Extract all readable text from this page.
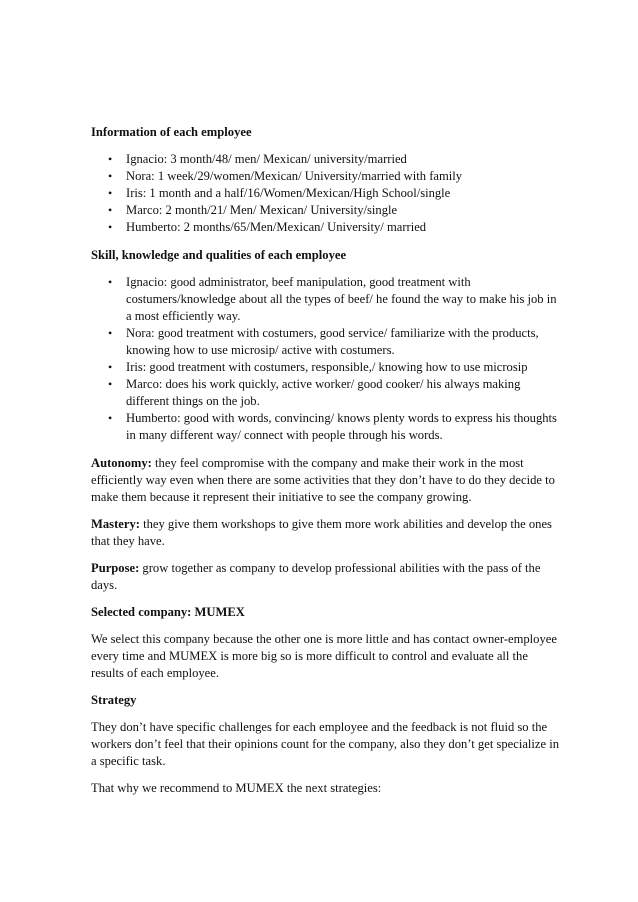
Information of each employee

• Ignacio: 3 month/48/ men/ Mexican/ university/married
• Nora: 1 week/29/women/Mexican/ University/married with family
• Iris: 1 month and a half/16/Women/Mexican/High School/single
• Marco: 2 month/21/ Men/ Mexican/ University/single
• Humberto: 2 months/65/Men/Mexican/ University/ married

Skill, knowledge and qualities of each employee

• Ignacio: good administrator, beef manipulation, good treatment with costumers/knowledge about all the types of beef/ he found the way to make his job in a most efficiently way.
• Nora: good treatment with costumers, good service/ familiarize with the products, knowing how to use microsip/ active with costumers.
• Iris: good treatment with costumers, responsible,/ knowing how to use microsip
• Marco: does his work quickly, active worker/ good cooker/ his always making different things on the job.
• Humberto: good with words, convincing/ knows plenty words to express his thoughts in many different way/ connect with people through his words.

Autonomy: they feel compromise with the company and make their work in the most efficiently way even when there are some activities that they don’t have to do they decide to make them because it represent their initiative to see the company growing.

Mastery: they give them workshops to give them more work abilities and develop the ones that they have.

Purpose: grow together as company to develop professional abilities with the pass of the days.

Selected company: MUMEX

We select this company because the other one is more little and has contact owner-employee every time and MUMEX is more big so is more difficult to control and evaluate all the results of each employee.

Strategy

They don’t have specific challenges for each employee and the feedback is not fluid so the workers don’t feel that their opinions count for the company, also they don’t get specialize in a specific task.

That why we recommend to MUMEX the next strategies:
